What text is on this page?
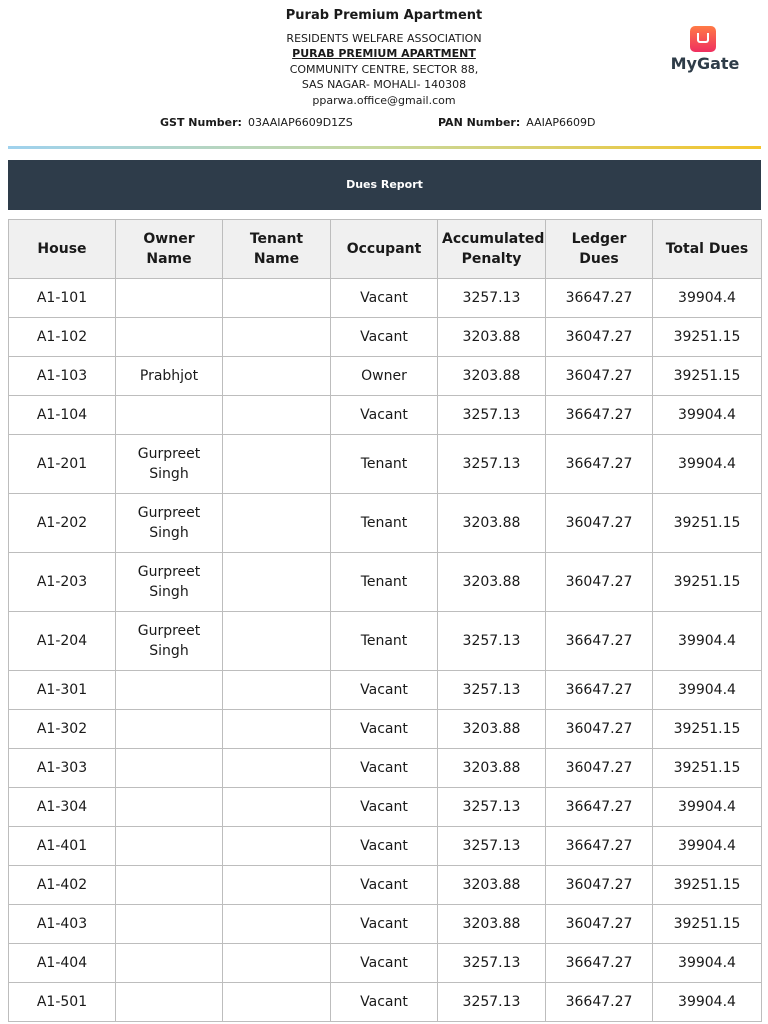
Purab Premium Apartment
RESIDENTS WELFARE ASSOCIATION
PURAB PREMIUM APARTMENT
COMMUNITY CENTRE, SECTOR 88,
SAS NAGAR- MOHALI- 140308
pparwa.office@gmail.com
GST Number: 03AAIAP6609D1ZS	PAN Number: AAIAP6609D
MyGate
Dues Report
House	Owner Name	Tenant Name	Occupant	Accumulated Penalty	Ledger Dues	Total Dues
A1-101			Vacant	3257.13	36647.27	39904.4
A1-102			Vacant	3203.88	36047.27	39251.15
A1-103	Prabhjot		Owner	3203.88	36047.27	39251.15
A1-104			Vacant	3257.13	36647.27	39904.4
A1-201	Gurpreet Singh		Tenant	3257.13	36647.27	39904.4
A1-202	Gurpreet Singh		Tenant	3203.88	36047.27	39251.15
A1-203	Gurpreet Singh		Tenant	3203.88	36047.27	39251.15
A1-204	Gurpreet Singh		Tenant	3257.13	36647.27	39904.4
A1-301			Vacant	3257.13	36647.27	39904.4
A1-302			Vacant	3203.88	36047.27	39251.15
A1-303			Vacant	3203.88	36047.27	39251.15
A1-304			Vacant	3257.13	36647.27	39904.4
A1-401			Vacant	3257.13	36647.27	39904.4
A1-402			Vacant	3203.88	36047.27	39251.15
A1-403			Vacant	3203.88	36047.27	39251.15
A1-404			Vacant	3257.13	36647.27	39904.4
A1-501			Vacant	3257.13	36647.27	39904.4
